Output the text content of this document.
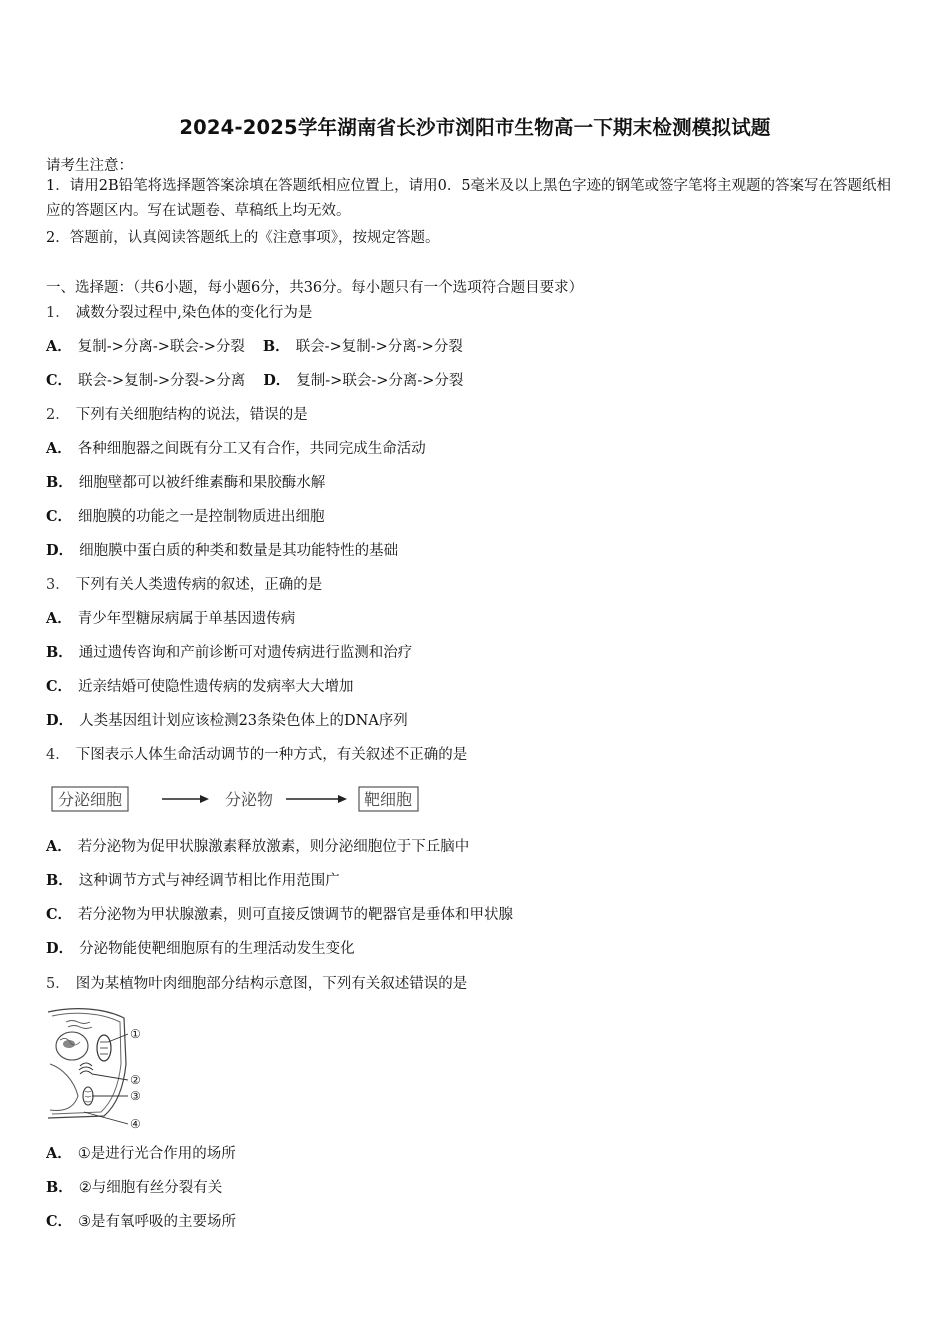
2024-2025学年湖南省长沙市浏阳市生物高一下期末检测模拟试题
请考生注意：
1．请用2B铅笔将选择题答案涂填在答题纸相应位置上，请用0．5毫米及以上黑色字迹的钢笔或签字笔将主观题的答案写在答题纸相应的答题区内。写在试题卷、草稿纸上均无效。
2．答题前，认真阅读答题纸上的《注意事项》，按规定答题。
一、选择题：（共6小题，每小题6分，共36分。每小题只有一个选项符合题目要求）
1． 减数分裂过程中,染色体的变化行为是
A． 复制->分离->联会->分裂 B． 联会->复制->分离->分裂
C． 联会->复制->分裂->分离 D． 复制->联会->分离->分裂
2． 下列有关细胞结构的说法，错误的是
A． 各种细胞器之间既有分工又有合作，共同完成生命活动
B． 细胞壁都可以被纤维素酶和果胶酶水解
C． 细胞膜的功能之一是控制物质进出细胞
D． 细胞膜中蛋白质的种类和数量是其功能特性的基础
3． 下列有关人类遗传病的叙述，正确的是
A． 青少年型糖尿病属于单基因遗传病
B． 通过遗传咨询和产前诊断可对遗传病进行监测和治疗
C． 近亲结婚可使隐性遗传病的发病率大大增加
D． 人类基因组计划应该检测23条染色体上的DNA序列
4． 下图表示人体生命活动调节的一种方式，有关叙述不正确的是
分泌细胞	分泌物	靶细胞
A． 若分泌物为促甲状腺激素释放激素，则分泌细胞位于下丘脑中
B． 这种调节方式与神经调节相比作用范围广
C． 若分泌物为甲状腺激素，则可直接反馈调节的靶器官是垂体和甲状腺
D． 分泌物能使靶细胞原有的生理活动发生变化
5． 图为某植物叶肉细胞部分结构示意图，下列有关叙述错误的是
①
②
③
④
A． ①是进行光合作用的场所
B． ②与细胞有丝分裂有关
C． ③是有氧呼吸的主要场所
